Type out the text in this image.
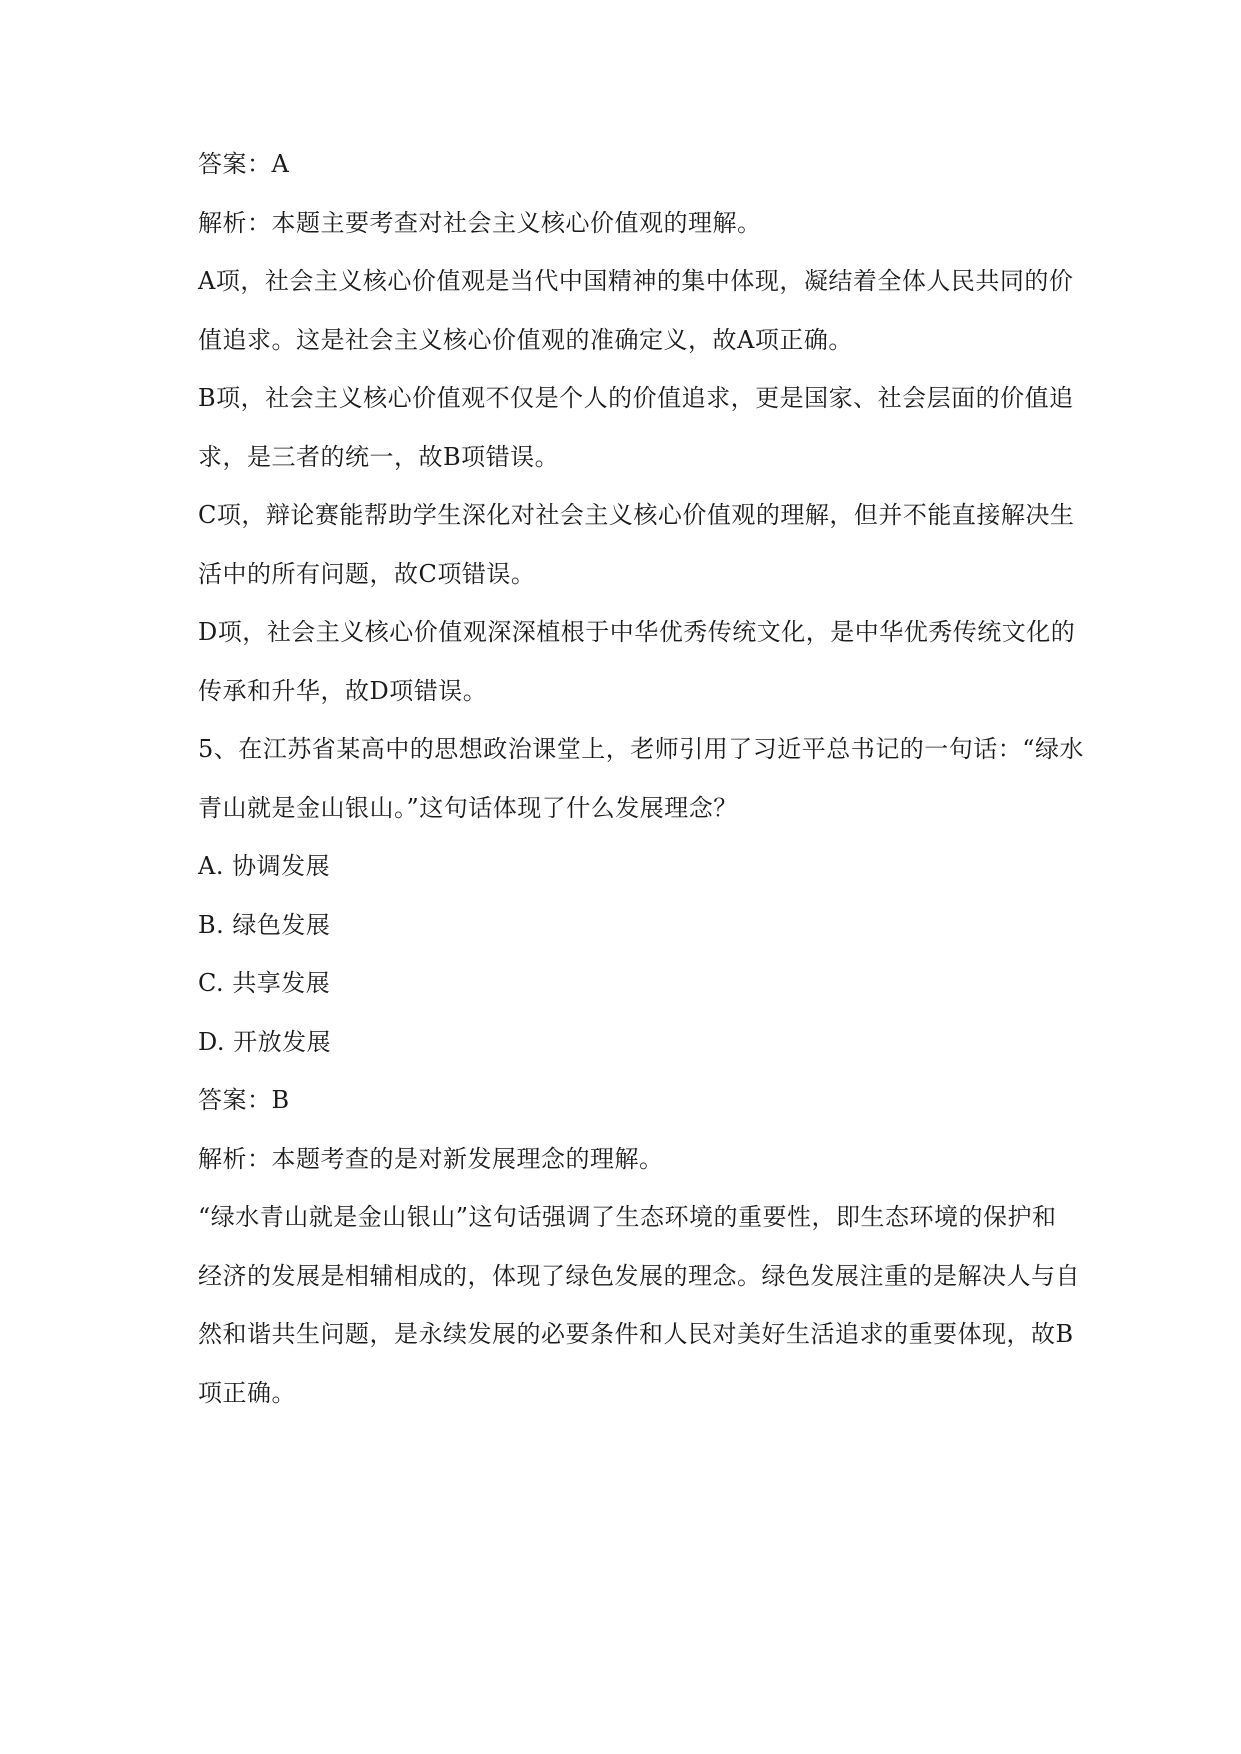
答案：A
解析：本题主要考查对社会主义核心价值观的理解。
A项，社会主义核心价值观是当代中国精神的集中体现，凝结着全体人民共同的价
值追求。这是社会主义核心价值观的准确定义，故A项正确。
B项，社会主义核心价值观不仅是个人的价值追求，更是国家、社会层面的价值追
求，是三者的统一，故B项错误。
C项，辩论赛能帮助学生深化对社会主义核心价值观的理解，但并不能直接解决生
活中的所有问题，故C项错误。
D项，社会主义核心价值观深深植根于中华优秀传统文化，是中华优秀传统文化的
传承和升华，故D项错误。
5、在江苏省某高中的思想政治课堂上，老师引用了习近平总书记的一句话：“绿水
青山就是金山银山。”这句话体现了什么发展理念？
A. 协调发展
B. 绿色发展
C. 共享发展
D. 开放发展
答案：B
解析：本题考查的是对新发展理念的理解。
“绿水青山就是金山银山”这句话强调了生态环境的重要性，即生态环境的保护和
经济的发展是相辅相成的，体现了绿色发展的理念。绿色发展注重的是解决人与自
然和谐共生问题，是永续发展的必要条件和人民对美好生活追求的重要体现，故B
项正确。
